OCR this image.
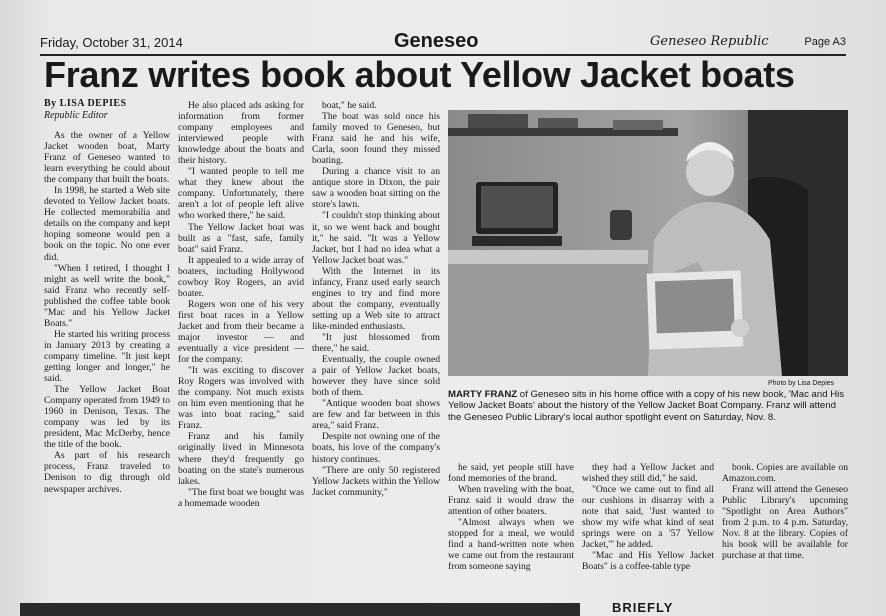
Friday, October 31, 2014	Geneseo	Geneseo Republic	Page A3
Franz writes book about Yellow Jacket boats
By LISA DEPIES
Republic Editor

As the owner of a Yellow Jacket wooden boat, Marty Franz of Geneseo wanted to learn everything he could about the company that built the boats.

In 1998, he started a Web site devoted to Yellow Jacket boats. He collected memorabilia and details on the company and kept hoping someone would pen a book on the topic. No one ever did.

"When I retired, I thought I might as well write the book," said Franz who recently self-published the coffee table book "Mac and his Yellow Jacket Boats."

He started his writing process in January 2013 by creating a company timeline. "It just kept getting longer and longer," he said.

The Yellow Jacket Boat Company operated from 1949 to 1960 in Denison, Texas. The company was led by its president, Mac McDerby, hence the title of the book.

As part of his research process, Franz traveled to Denison to dig through old newspaper archives.

He also placed ads asking for information from former company employees and interviewed people with knowledge about the boats and their history.

"I wanted people to tell me what they knew about the company. Unfortunately, there aren't a lot of people left alive who worked there," he said.

The Yellow Jacket boat was built as a "fast, safe, family boat" said Franz.

It appealed to a wide array of boaters, including Hollywood cowboy Roy Rogers, an avid boater.

Rogers won one of his very first boat races in a Yellow Jacket and from their became a major investor — and eventually a vice president — for the company.

"It was exciting to discover Roy Rogers was involved with the company. Not much exists on him even mentioning that he was into boat racing," said Franz.

Franz and his family originally lived in Minnesota where they'd frequently go boating on the state's numerous lakes.

"The first boat we bought was a homemade wooden

boat," he said.

The boat was sold once his family moved to Geneseo, but Franz said he and his wife, Carla, soon found they missed boating.

During a chance visit to an antique store in Dixon, the pair saw a wooden boat sitting on the store's lawn.

"I couldn't stop thinking about it, so we went back and bought it," he said. "It was a Yellow Jacket, but I had no idea what a Yellow Jacket boat was."

With the Internet in its infancy, Franz used early search engines to try and find more about the company, eventually setting up a Web site to attract like-minded enthusiasts.

"It just blossomed from there," he said.

Eventually, the couple owned a pair of Yellow Jacket boats, however they have since sold both of them.

"Antique wooden boat shows are few and far between in this area," said Franz.

Despite not owning one of the boats, his love of the company's history continues.

"There are only 50 registered Yellow Jackets within the Yellow Jacket community,"

Photo by Lisa Depies
MARTY FRANZ of Geneseo sits in his home office with a copy of his new book, 'Mac and His Yellow Jacket Boats' about the history of the Yellow Jacket Boat Company. Franz will attend the Geneseo Public Library's local author spotlight event on Saturday, Nov. 8.

he said, yet people still have fond memories of the brand.

When traveling with the boat, Franz said it would draw the attention of other boaters.

"Almost always when we stopped for a meal, we would find a hand-written note when we came out from the restaurant from someone saying

they had a Yellow Jacket and wished they still did," he said.

"Once we came out to find all our cushions in disarray with a note that said, 'Just wanted to show my wife what kind of seat springs were on a '57 Yellow Jacket,'" he added.

"Mac and His Yellow Jacket Boats" is a coffee-table type

book. Copies are available on Amazon.com.

Franz will attend the Geneseo Public Library's upcoming "Spotlight on Area Authors" from 2 p.m. to 4 p.m. Saturday, Nov. 8 at the library. Copies of his book will be available for purchase at that time.

BRIEFLY
